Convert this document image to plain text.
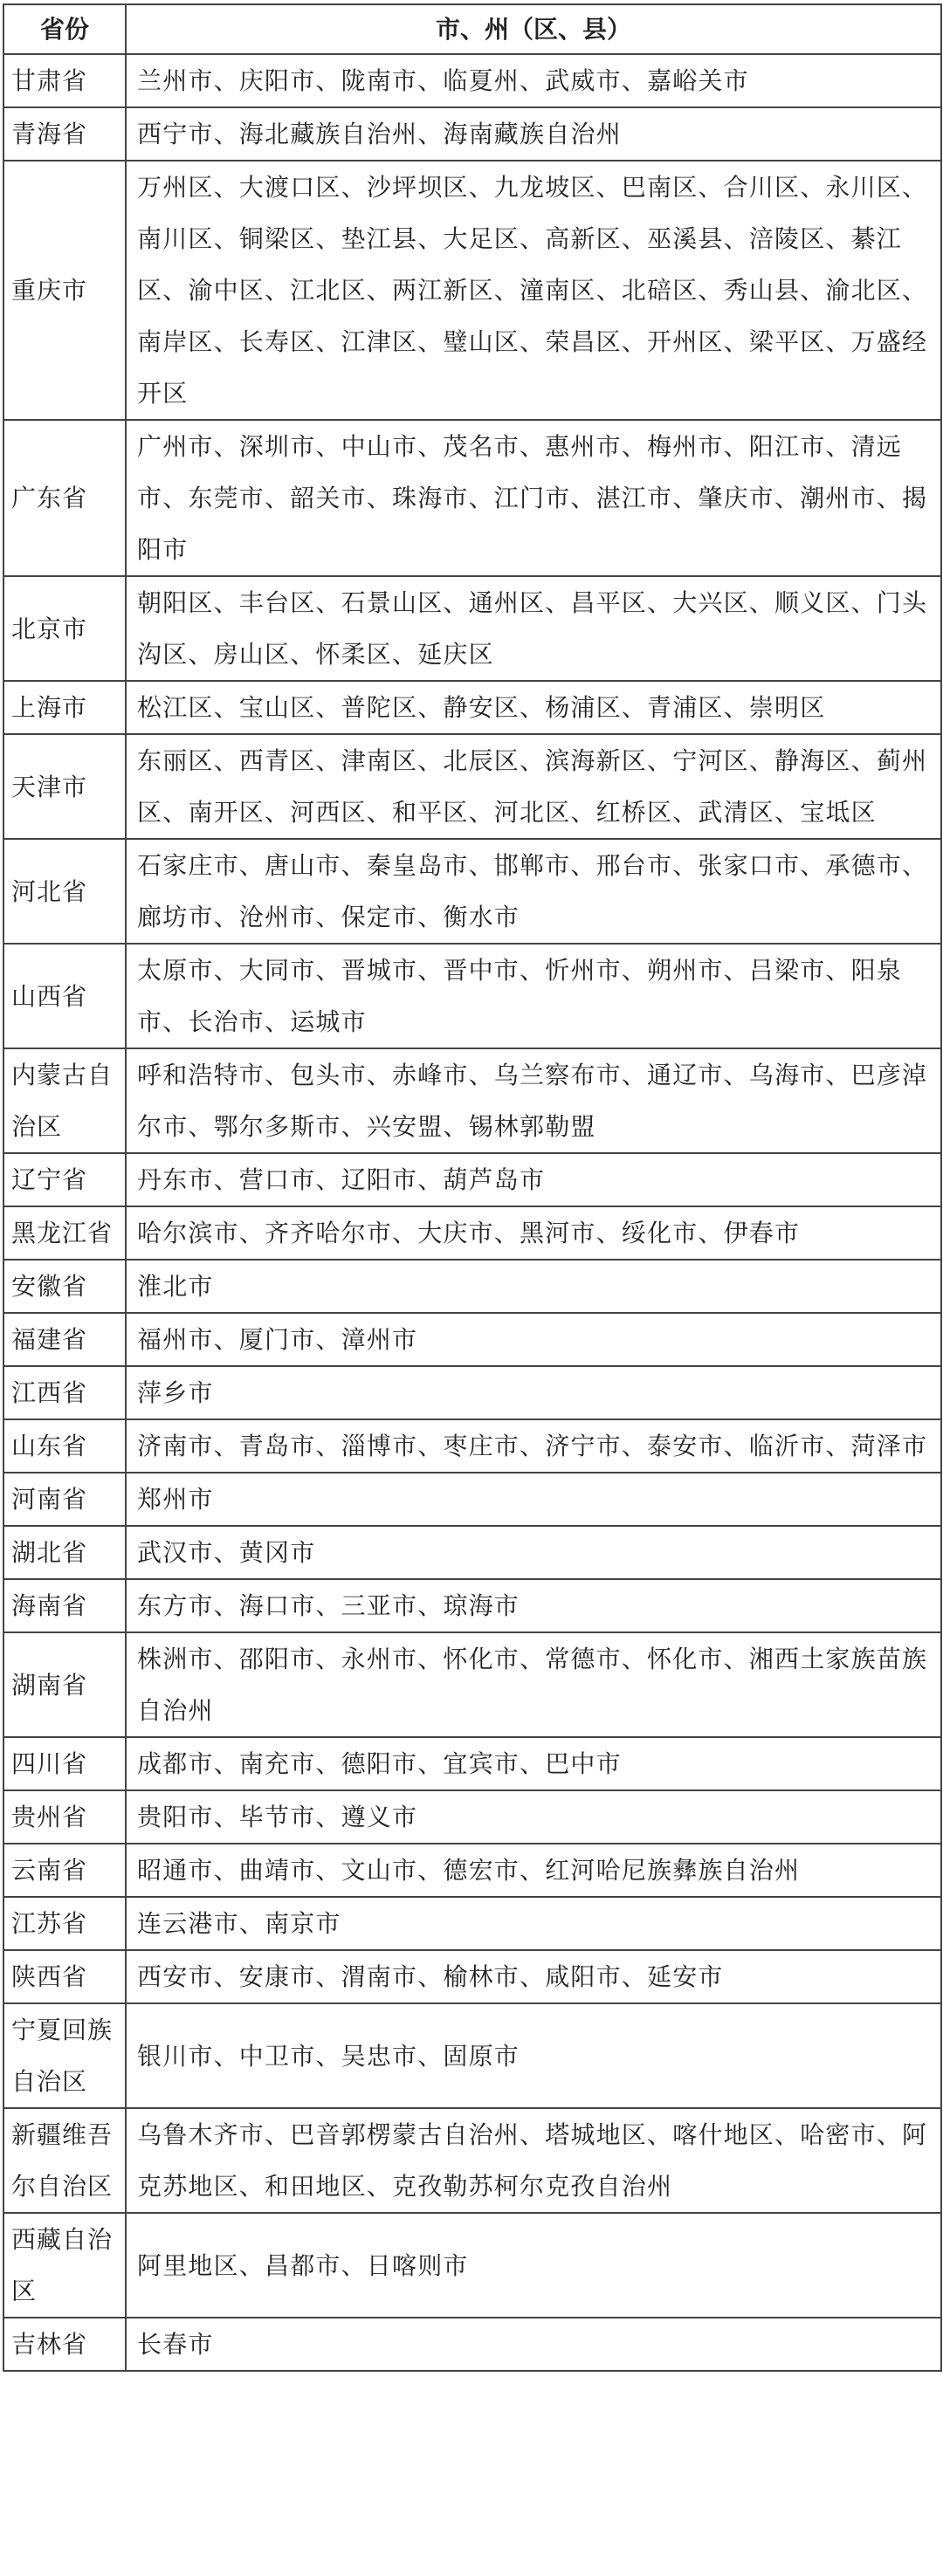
省份	市、州（区、县）
甘肃省	兰州市、庆阳市、陇南市、临夏州、武威市、嘉峪关市
青海省	西宁市、海北藏族自治州、海南藏族自治州
重庆市	万州区、大渡口区、沙坪坝区、九龙坡区、巴南区、合川区、永川区、南川区、铜梁区、垫江县、大足区、高新区、巫溪县、涪陵区、綦江区、渝中区、江北区、两江新区、潼南区、北碚区、秀山县、渝北区、南岸区、长寿区、江津区、璧山区、荣昌区、开州区、梁平区、万盛经开区
广东省	广州市、深圳市、中山市、茂名市、惠州市、梅州市、阳江市、清远市、东莞市、韶关市、珠海市、江门市、湛江市、肇庆市、潮州市、揭阳市
北京市	朝阳区、丰台区、石景山区、通州区、昌平区、大兴区、顺义区、门头沟区、房山区、怀柔区、延庆区
上海市	松江区、宝山区、普陀区、静安区、杨浦区、青浦区、崇明区
天津市	东丽区、西青区、津南区、北辰区、滨海新区、宁河区、静海区、蓟州区、南开区、河西区、和平区、河北区、红桥区、武清区、宝坻区
河北省	石家庄市、唐山市、秦皇岛市、邯郸市、邢台市、张家口市、承德市、廊坊市、沧州市、保定市、衡水市
山西省	太原市、大同市、晋城市、晋中市、忻州市、朔州市、吕梁市、阳泉市、长治市、运城市
内蒙古自治区	呼和浩特市、包头市、赤峰市、乌兰察布市、通辽市、乌海市、巴彦淖尔市、鄂尔多斯市、兴安盟、锡林郭勒盟
辽宁省	丹东市、营口市、辽阳市、葫芦岛市
黑龙江省	哈尔滨市、齐齐哈尔市、大庆市、黑河市、绥化市、伊春市
安徽省	淮北市
福建省	福州市、厦门市、漳州市
江西省	萍乡市
山东省	济南市、青岛市、淄博市、枣庄市、济宁市、泰安市、临沂市、菏泽市
河南省	郑州市
湖北省	武汉市、黄冈市
海南省	东方市、海口市、三亚市、琼海市
湖南省	株洲市、邵阳市、永州市、怀化市、常德市、怀化市、湘西土家族苗族自治州
四川省	成都市、南充市、德阳市、宜宾市、巴中市
贵州省	贵阳市、毕节市、遵义市
云南省	昭通市、曲靖市、文山市、德宏市、红河哈尼族彝族自治州
江苏省	连云港市、南京市
陕西省	西安市、安康市、渭南市、榆林市、咸阳市、延安市
宁夏回族自治区	银川市、中卫市、吴忠市、固原市
新疆维吾尔自治区	乌鲁木齐市、巴音郭楞蒙古自治州、塔城地区、喀什地区、哈密市、阿克苏地区、和田地区、克孜勒苏柯尔克孜自治州
西藏自治区	阿里地区、昌都市、日喀则市
吉林省	长春市
